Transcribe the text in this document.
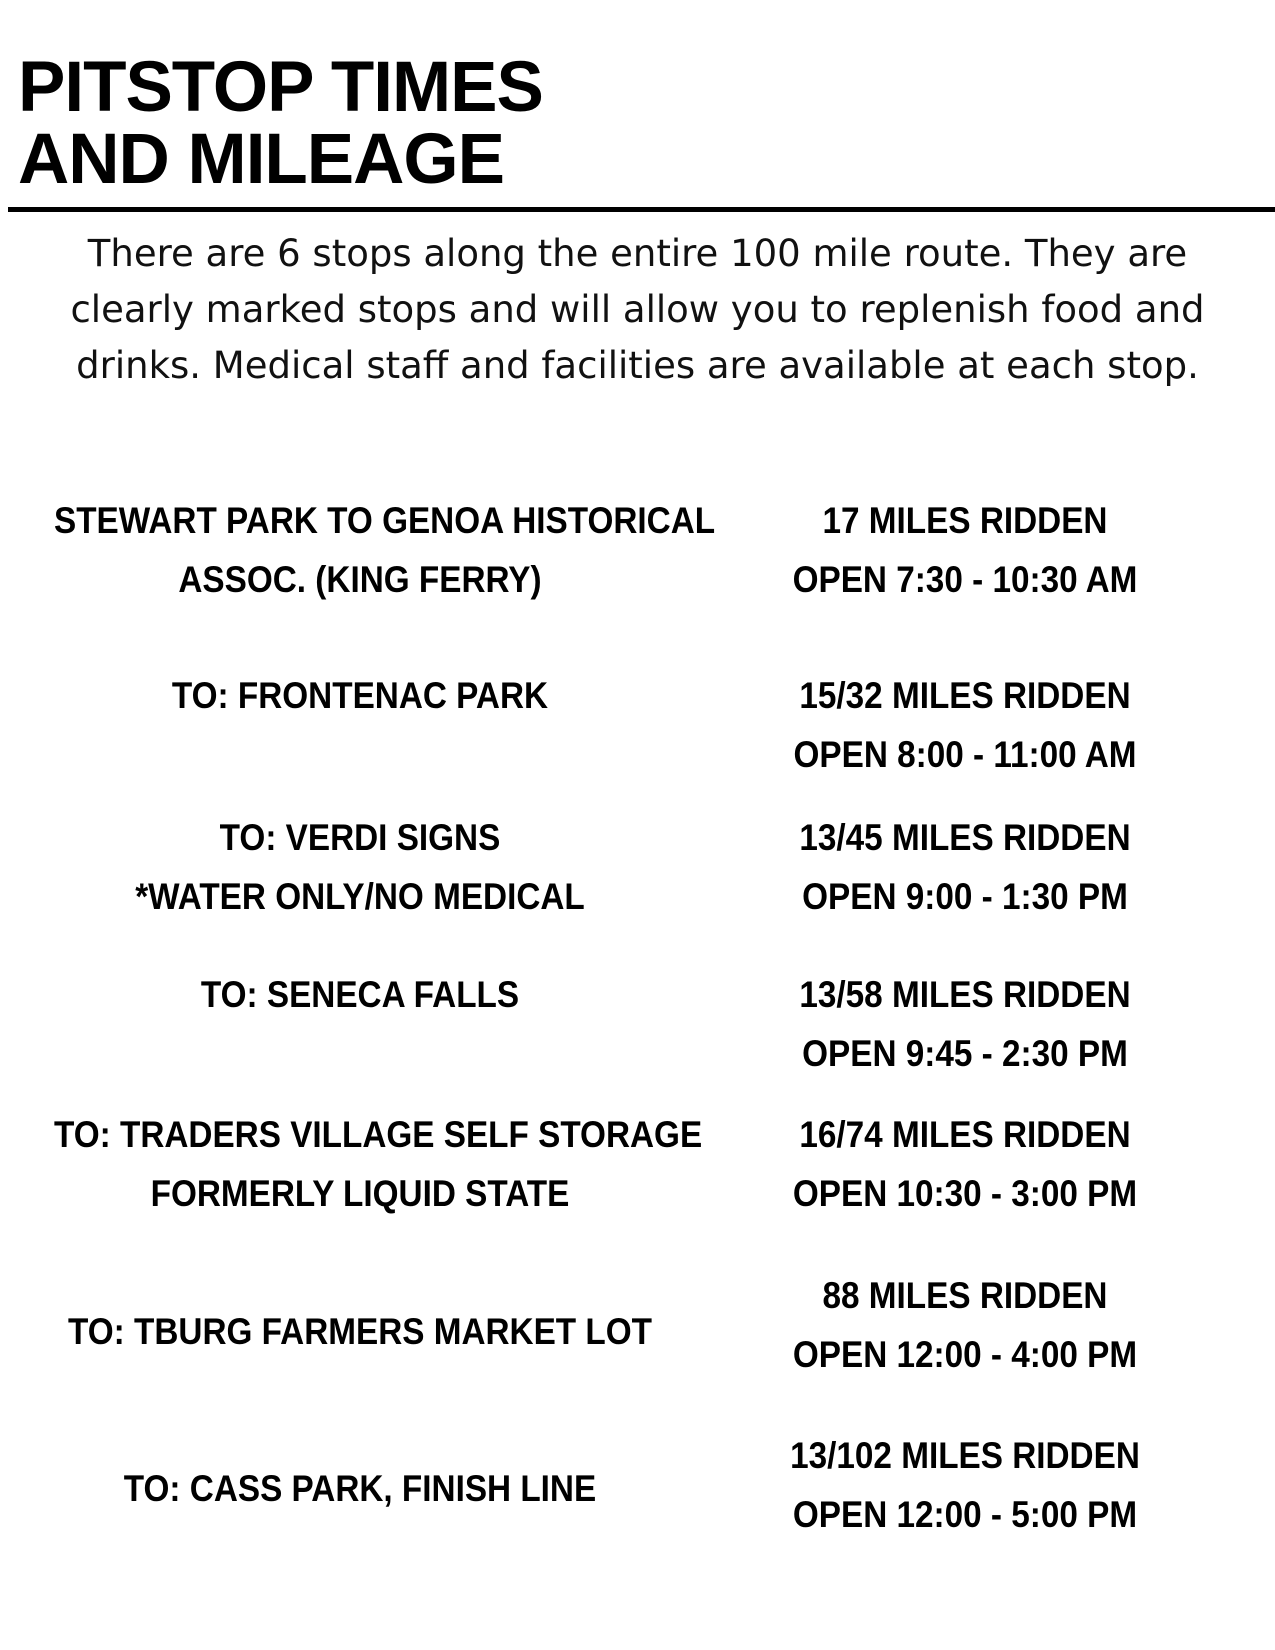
PITSTOP TIMES
AND MILEAGE

There are 6 stops along the entire 100 mile route. They are clearly marked stops and will allow you to replenish food and drinks. Medical staff and facilities are available at each stop.

STEWART PARK TO GENOA HISTORICAL
ASSOC. (KING FERRY)
17 MILES RIDDEN
OPEN 7:30 - 10:30 AM
TO: FRONTENAC PARK	15/32 MILES RIDDEN
OPEN 8:00 - 11:00 AM
TO: VERDI SIGNS
*WATER ONLY/NO MEDICAL
13/45 MILES RIDDEN
OPEN 9:00 - 1:30 PM
TO: SENECA FALLS	13/58 MILES RIDDEN
OPEN 9:45 - 2:30 PM
TO: TRADERS VILLAGE SELF STORAGE
FORMERLY LIQUID STATE
16/74 MILES RIDDEN
OPEN 10:30 - 3:00 PM
TO: TBURG FARMERS MARKET LOT
88 MILES RIDDEN
OPEN 12:00 - 4:00 PM
TO: CASS PARK, FINISH LINE
13/102 MILES RIDDEN
OPEN 12:00 - 5:00 PM
